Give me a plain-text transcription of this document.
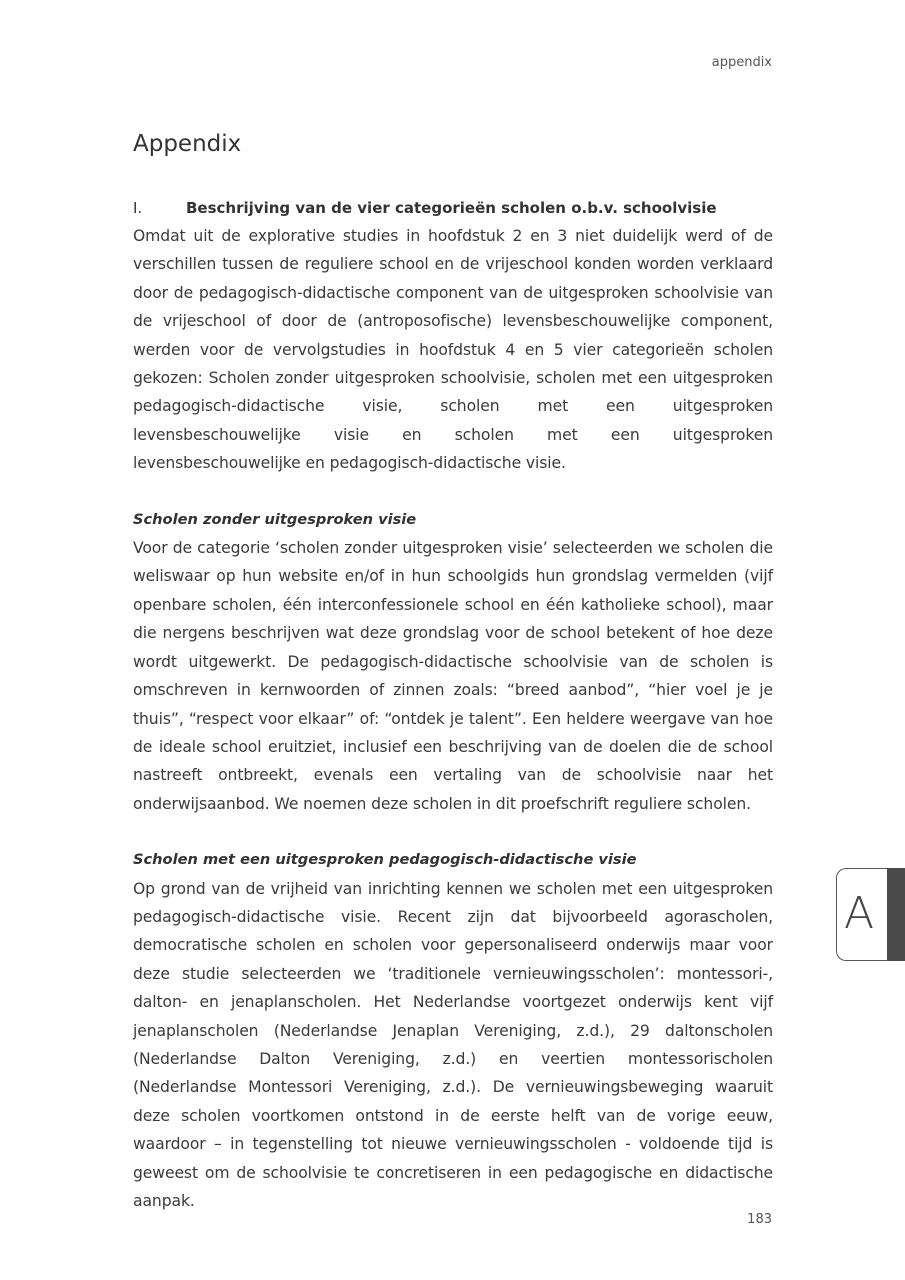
appendix
Appendix
I.	Beschrijving van de vier categorieën scholen o.b.v. schoolvisie

Omdat uit de explorative studies in hoofdstuk 2 en 3 niet duidelijk werd of de verschillen tussen de reguliere school en de vrijeschool konden worden verklaard door de pedagogisch-didactische component van de uitgesproken schoolvisie van de vrijeschool of door de (antroposofische) levensbeschouwelijke component, werden voor de vervolgstudies in hoofdstuk 4 en 5 vier categorieën scholen gekozen: Scholen zonder uitgesproken schoolvisie, scholen met een uitgesproken pedagogisch-didactische visie, scholen met een uitgesproken levensbeschouwelijke visie en scholen met een uitgesproken levensbeschouwelijke en pedagogisch-didactische visie.

Scholen zonder uitgesproken visie

Voor de categorie ‘scholen zonder uitgesproken visie’ selecteerden we scholen die weliswaar op hun website en/of in hun schoolgids hun grondslag vermelden (vijf openbare scholen, één interconfessionele school en één katholieke school), maar die nergens beschrijven wat deze grondslag voor de school betekent of hoe deze wordt uitgewerkt. De pedagogisch-didactische schoolvisie van de scholen is omschreven in kernwoorden of zinnen zoals: “breed aanbod”, “hier voel je je thuis”, “respect voor elkaar” of: “ontdek je talent”. Een heldere weergave van hoe de ideale school eruitziet, inclusief een beschrijving van de doelen die de school nastreeft ontbreekt, evenals een vertaling van de schoolvisie naar het onderwijsaanbod. We noemen deze scholen in dit proefschrift reguliere scholen.

Scholen met een uitgesproken pedagogisch-didactische visie

Op grond van de vrijheid van inrichting kennen we scholen met een uitgesproken pedagogisch-didactische visie. Recent zijn dat bijvoorbeeld agorascholen, democratische scholen en scholen voor gepersonaliseerd onderwijs maar voor deze studie selecteerden we ‘traditionele vernieuwingsscholen’: montessori-, dalton- en jenaplanscholen. Het Nederlandse voortgezet onderwijs kent vijf jenaplanscholen (Nederlandse Jenaplan Vereniging, z.d.), 29 daltonscholen (Nederlandse Dalton Vereniging, z.d.) en veertien montessorischolen (Nederlandse Montessori Vereniging, z.d.). De vernieuwingsbeweging waaruit deze scholen voortkomen ontstond in de eerste helft van de vorige eeuw, waardoor – in tegenstelling tot nieuwe vernieuwingsscholen - voldoende tijd is geweest om de schoolvisie te concretiseren in een pedagogische en didactische aanpak.

A
183
